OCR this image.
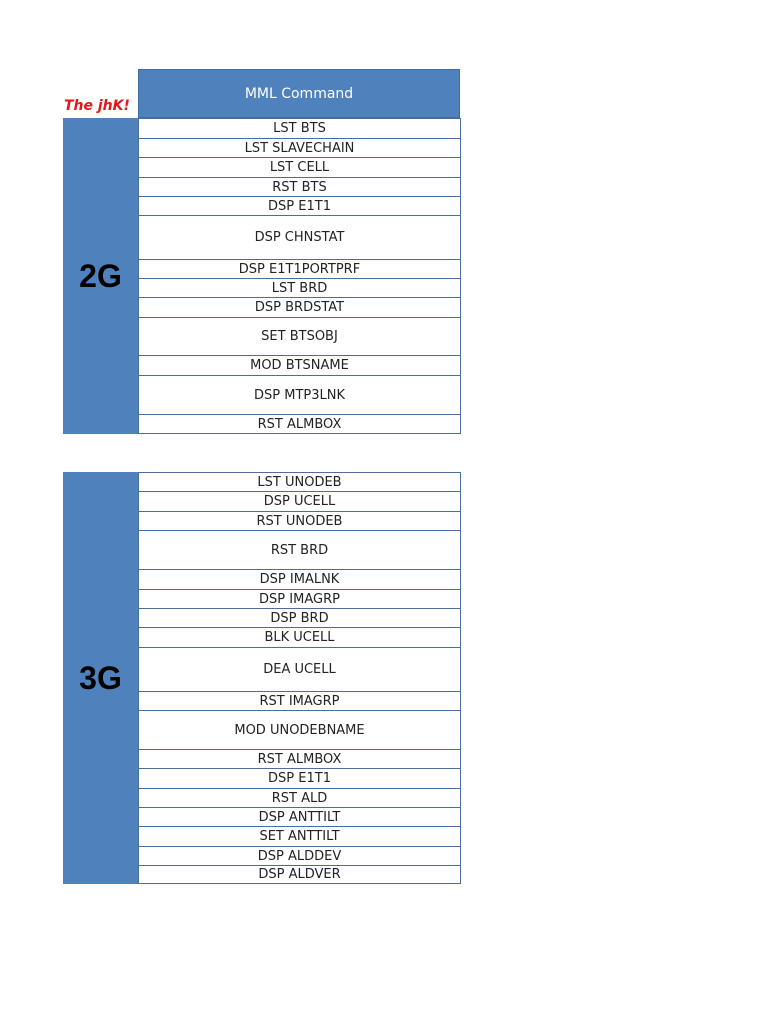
The jhK!
MML Command
2G
LST BTS
LST SLAVECHAIN
LST CELL
RST BTS
DSP E1T1
DSP CHNSTAT
DSP E1T1PORTPRF
LST BRD
DSP BRDSTAT
SET BTSOBJ
MOD BTSNAME
DSP MTP3LNK
RST ALMBOX
3G
LST UNODEB
DSP UCELL
RST UNODEB
RST BRD
DSP IMALNK
DSP IMAGRP
DSP BRD
BLK UCELL
DEA UCELL
RST IMAGRP
MOD UNODEBNAME
RST ALMBOX
DSP E1T1
RST ALD
DSP ANTTILT
SET ANTTILT
DSP ALDDEV
DSP ALDVER
